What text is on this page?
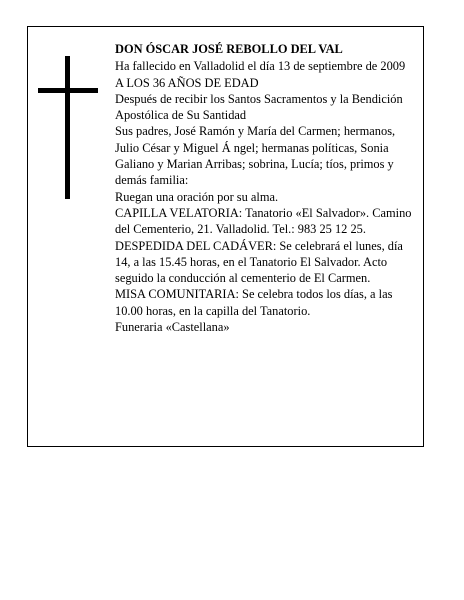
DON ÓSCAR JOSÉ REBOLLO DEL VAL

Ha fallecido en Valladolid el día 13 de septiembre de 2009

A LOS 36 AÑOS DE EDAD

Después de recibir los Santos Sacramentos y la Bendición Apostólica de Su Santidad

Sus padres, José Ramón y María del Carmen; hermanos, Julio César y Miguel Á ngel; hermanas políticas, Sonia Galiano y Marian Arribas; sobrina, Lucía; tíos, primos y demás familia:

Ruegan una oración por su alma.

CAPILLA VELATORIA: Tanatorio «El Salvador». Camino del Cementerio, 21. Valladolid. Tel.: 983 25 12 25.

DESPEDIDA DEL CADÁVER: Se celebrará el lunes, día 14, a las 15.45 horas, en el Tanatorio El Salvador. Acto seguido la conducción al cementerio de El Carmen.

MISA COMUNITARIA: Se celebra todos los días, a las 10.00 horas, en la capilla del Tanatorio.

Funeraria «Castellana»
